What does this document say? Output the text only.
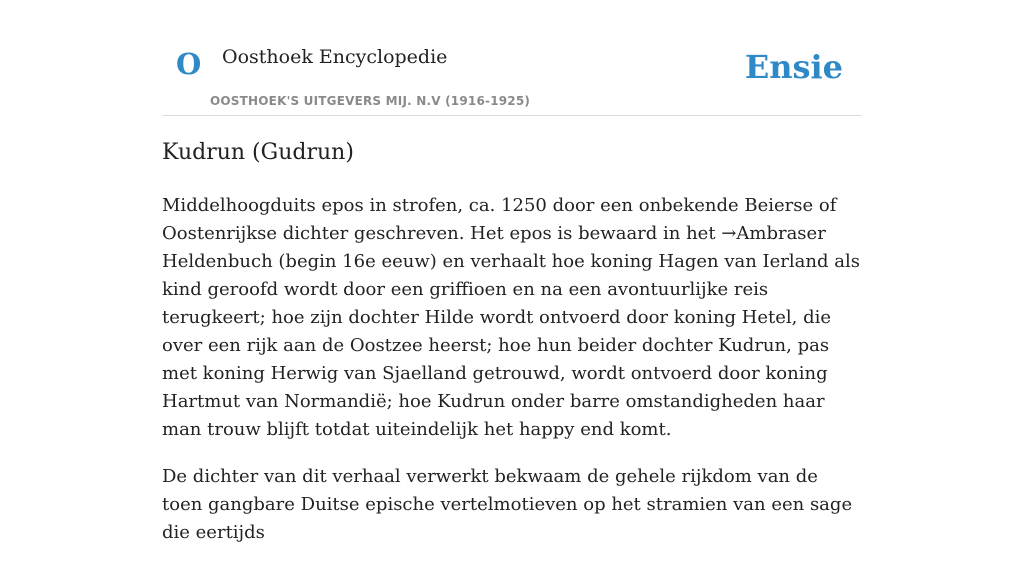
O Oosthoek Encyclopedie
OOSTHOEK'S UITGEVERS MIJ. N.V (1916-1925)
Ensie
Kudrun (Gudrun)

Middelhoogduits epos in strofen, ca. 1250 door een onbekende Beierse of Oostenrijkse dichter geschreven. Het epos is bewaard in het →Ambraser Heldenbuch (begin 16e eeuw) en verhaalt hoe koning Hagen van Ierland als kind geroofd wordt door een griffioen en na een avontuurlijke reis terugkeert; hoe zijn dochter Hilde wordt ontvoerd door koning Hetel, die over een rijk aan de Oostzee heerst; hoe hun beider dochter Kudrun, pas met koning Herwig van Sjaelland getrouwd, wordt ontvoerd door koning Hartmut van Normandië; hoe Kudrun onder barre omstandigheden haar man trouw blijft totdat uiteindelijk het happy end komt.

De dichter van dit verhaal verwerkt bekwaam de gehele rijkdom van de toen gangbare Duitse epische vertelmotieven op het stramien van een sage die eertijds
